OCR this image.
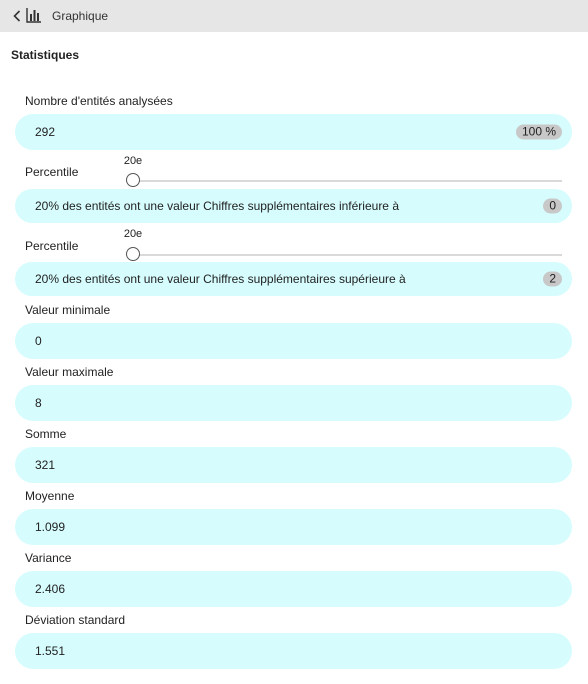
Graphique
Statistiques
Nombre d'entités analysées
292	100 %
Percentile
20e
20% des entités ont une valeur Chiffres supplémentaires inférieure à	0
Percentile
20e
20% des entités ont une valeur Chiffres supplémentaires supérieure à	2
Valeur minimale
0
Valeur maximale
8
Somme
321
Moyenne
1.099
Variance
2.406
Déviation standard
1.551
